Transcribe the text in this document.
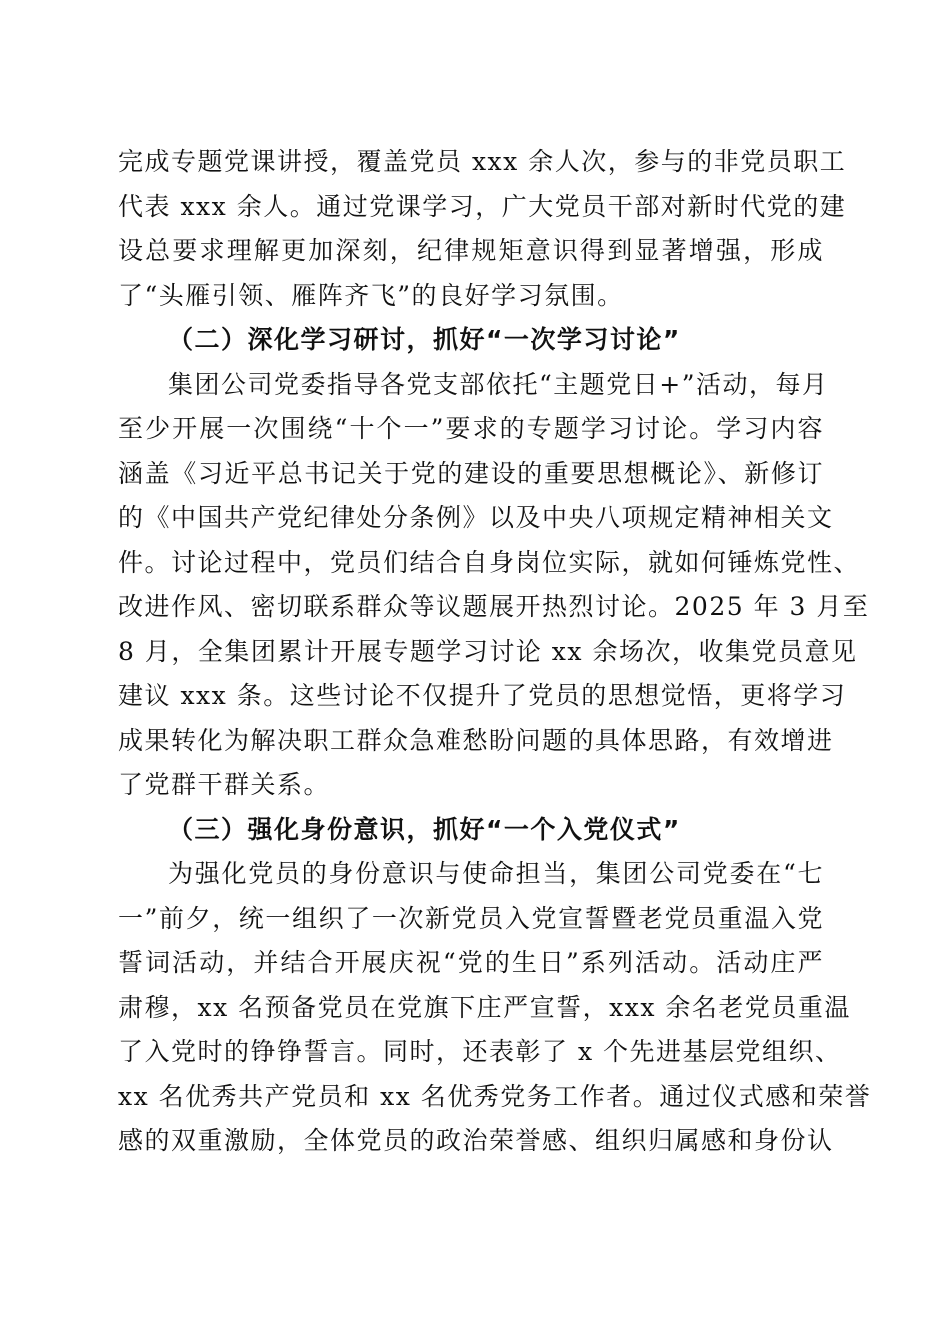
完成专题党课讲授，覆盖党员 xxx 余人次，参与的非党员职工
代表 xxx 余人。通过党课学习，广大党员干部对新时代党的建
设总要求理解更加深刻，纪律规矩意识得到显著增强，形成
了“头雁引领、雁阵齐飞”的良好学习氛围。
（二）深化学习研讨，抓好“一次学习讨论”
集团公司党委指导各党支部依托“主题党日+”活动，每月
至少开展一次围绕“十个一”要求的专题学习讨论。学习内容
涵盖《习近平总书记关于党的建设的重要思想概论》、新修订
的《中国共产党纪律处分条例》以及中央八项规定精神相关文
件。讨论过程中，党员们结合自身岗位实际，就如何锤炼党性、
改进作风、密切联系群众等议题展开热烈讨论。2025 年 3 月至
8 月，全集团累计开展专题学习讨论 xx 余场次，收集党员意见
建议 xxx 条。这些讨论不仅提升了党员的思想觉悟，更将学习
成果转化为解决职工群众急难愁盼问题的具体思路，有效增进
了党群干群关系。
（三）强化身份意识，抓好“一个入党仪式”
为强化党员的身份意识与使命担当，集团公司党委在“七
一”前夕，统一组织了一次新党员入党宣誓暨老党员重温入党
誓词活动，并结合开展庆祝“党的生日”系列活动。活动庄严
肃穆，xx 名预备党员在党旗下庄严宣誓，xxx 余名老党员重温
了入党时的铮铮誓言。同时，还表彰了 x 个先进基层党组织、
xx 名优秀共产党员和 xx 名优秀党务工作者。通过仪式感和荣誉
感的双重激励，全体党员的政治荣誉感、组织归属感和身份认
